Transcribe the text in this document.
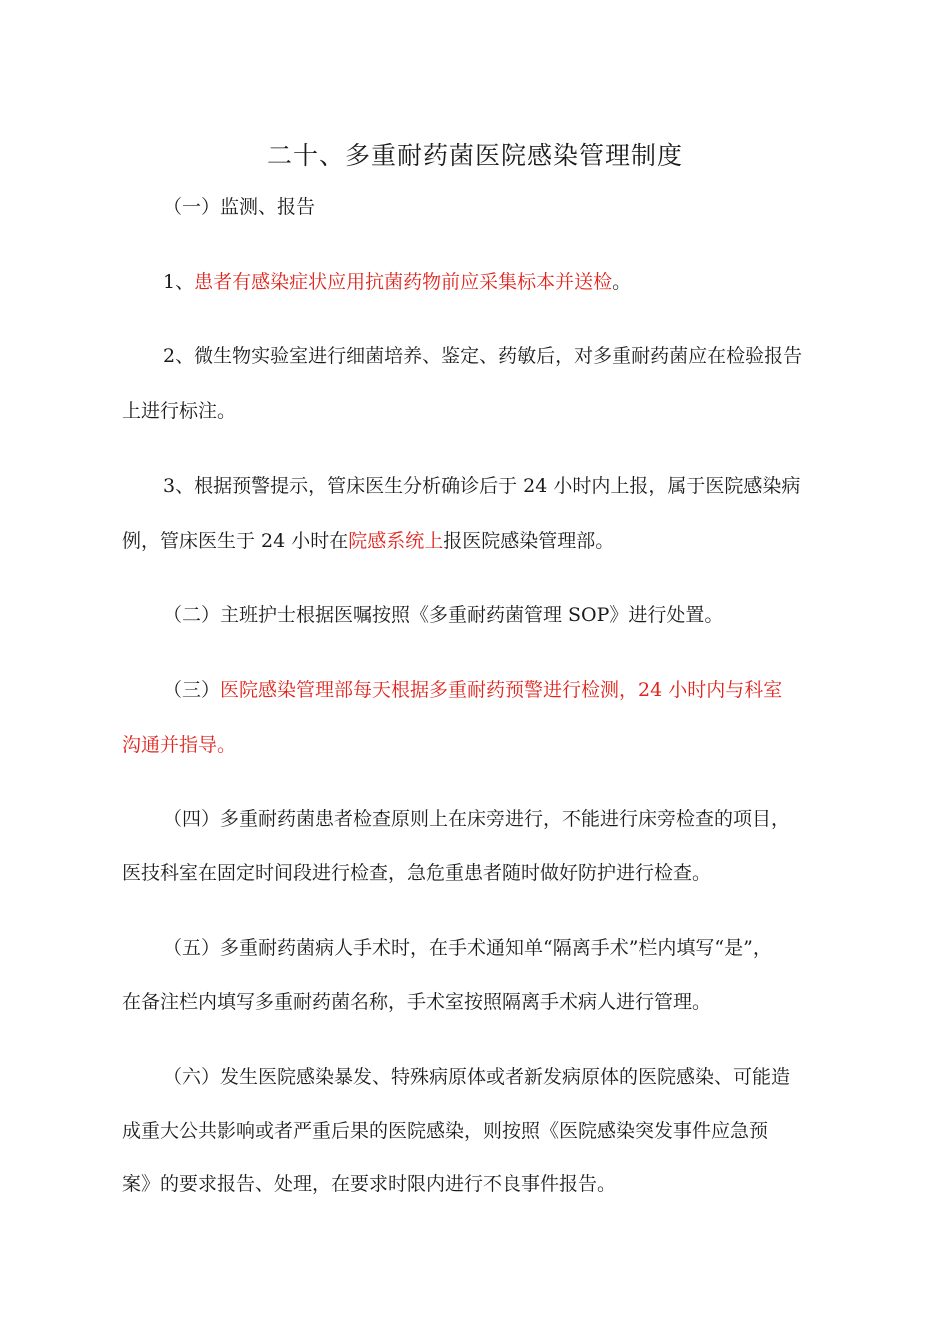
二十、多重耐药菌医院感染管理制度
（一）监测、报告
1、患者有感染症状应用抗菌药物前应采集标本并送检。
2、微生物实验室进行细菌培养、鉴定、药敏后，对多重耐药菌应在检验报告
上进行标注。
3、根据预警提示，管床医生分析确诊后于 24 小时内上报，属于医院感染病
例，管床医生于 24 小时在院感系统上报医院感染管理部。
（二）主班护士根据医嘱按照《多重耐药菌管理 SOP》进行处置。
（三）医院感染管理部每天根据多重耐药预警进行检测，24 小时内与科室
沟通并指导。
（四）多重耐药菌患者检查原则上在床旁进行，不能进行床旁检查的项目，
医技科室在固定时间段进行检查，急危重患者随时做好防护进行检查。
（五）多重耐药菌病人手术时，在手术通知单“隔离手术”栏内填写“是”，
在备注栏内填写多重耐药菌名称，手术室按照隔离手术病人进行管理。
（六）发生医院感染暴发、特殊病原体或者新发病原体的医院感染、可能造
成重大公共影响或者严重后果的医院感染，则按照《医院感染突发事件应急预
案》的要求报告、处理，在要求时限内进行不良事件报告。
